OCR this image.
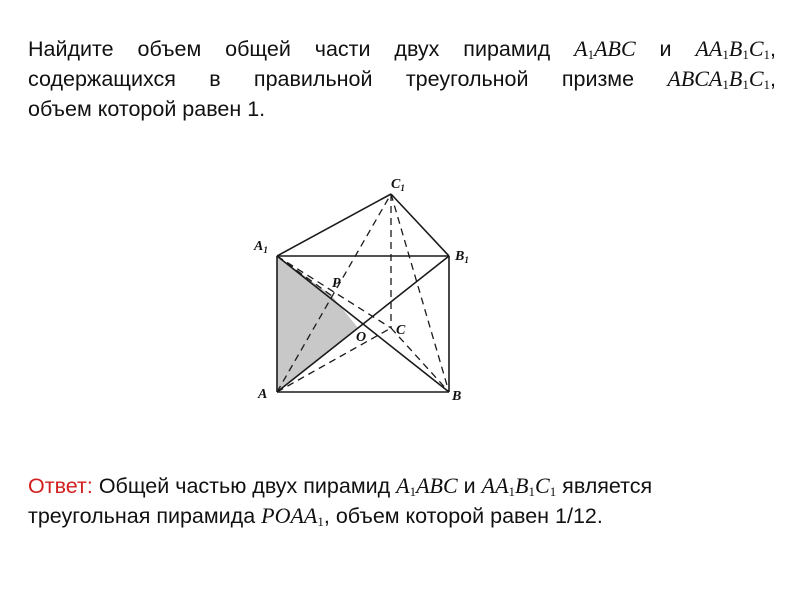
Найдите объем общей части двух пирамид $A_1ABC$ и $AA_1B_1C_1$,
содержащихся в правильной треугольной призме $ABCA_1B_1C_1$,
объем которой равен 1.
$A_1$	$B_1$
$C_1$
A	B
C
O
P
Ответ: Общей частью двух пирамид $A_1ABC$ и $AA_1B_1C_1$ является
треугольная пирамида $POAA_1$, объем которой равен 1/12.
